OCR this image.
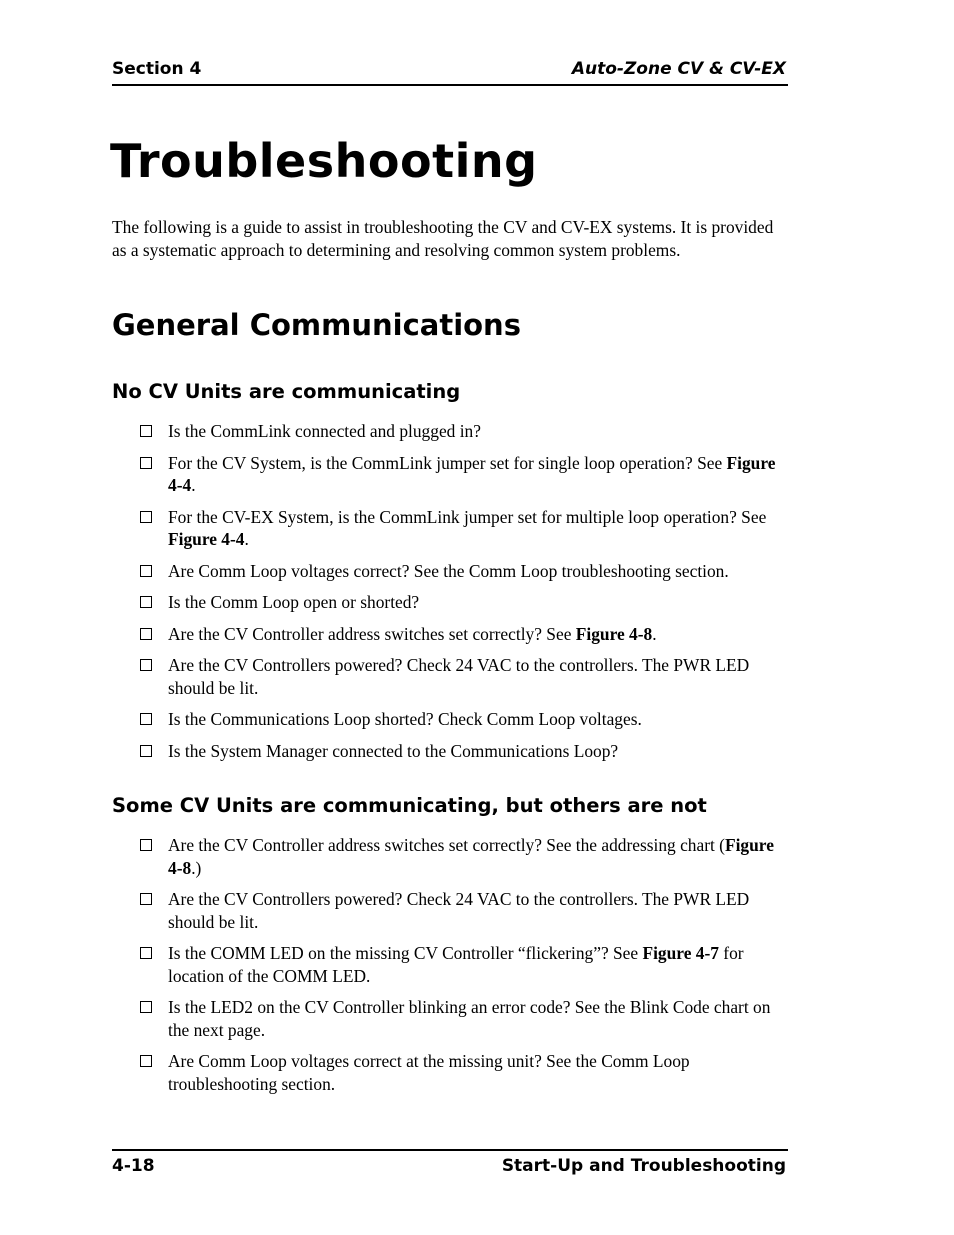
Section 4	Auto-Zone CV & CV-EX
Troubleshooting

The following is a guide to assist in troubleshooting the CV and CV-EX systems. It is provided as a systematic approach to determining and resolving common system problems.

General Communications
No CV Units are communicating
Is the CommLink connected and plugged in?
For the CV System, is the CommLink jumper set for single loop operation? See Figure 4-4.
For the CV-EX System, is the CommLink jumper set for multiple loop operation? See Figure 4-4.
Are Comm Loop voltages correct? See the Comm Loop troubleshooting section.
Is the Comm Loop open or shorted?
Are the CV Controller address switches set correctly? See Figure 4-8.
Are the CV Controllers powered? Check 24 VAC to the controllers. The PWR LED should be lit.
Is the Communications Loop shorted? Check Comm Loop voltages.
Is the System Manager connected to the Communications Loop?
Some CV Units are communicating, but others are not
Are the CV Controller address switches set correctly? See the addressing chart (Figure 4-8.)
Are the CV Controllers powered? Check 24 VAC to the controllers. The PWR LED should be lit.
Is the COMM LED on the missing CV Controller “flickering”? See Figure 4-7 for location of the COMM LED.
Is the LED2 on the CV Controller blinking an error code? See the Blink Code chart on the next page.
Are Comm Loop voltages correct at the missing unit? See the Comm Loop troubleshooting section.
4-18	Start-Up and Troubleshooting
